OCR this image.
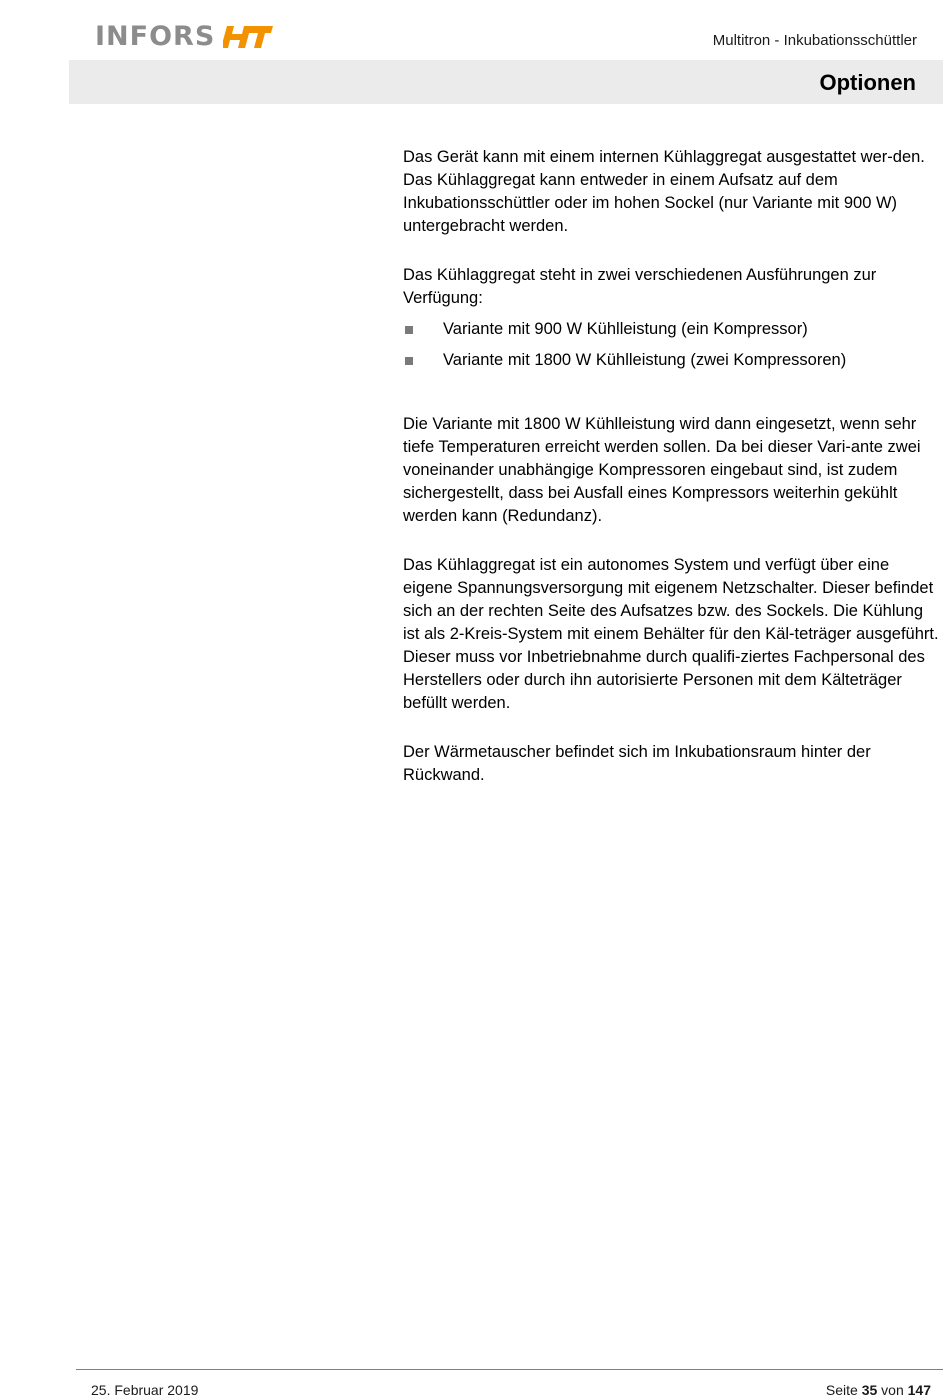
INFORS	Multitron - Inkubationsschüttler
Optionen

Das Gerät kann mit einem internen Kühlaggregat ausgestattet wer-den. Das Kühlaggregat kann entweder in einem Aufsatz auf dem Inkubationsschüttler oder im hohen Sockel (nur Variante mit 900 W) untergebracht werden.

Das Kühlaggregat steht in zwei verschiedenen Ausführungen zur Verfügung:

Variante mit 900 W Kühlleistung (ein Kompressor)
Variante mit 1800 W Kühlleistung (zwei Kompressoren)

Die Variante mit 1800 W Kühlleistung wird dann eingesetzt, wenn sehr tiefe Temperaturen erreicht werden sollen. Da bei dieser Vari-ante zwei voneinander unabhängige Kompressoren eingebaut sind, ist zudem sichergestellt, dass bei Ausfall eines Kompressors weiterhin gekühlt werden kann (Redundanz).

Das Kühlaggregat ist ein autonomes System und verfügt über eine eigene Spannungsversorgung mit eigenem Netzschalter. Dieser befindet sich an der rechten Seite des Aufsatzes bzw. des Sockels. Die Kühlung ist als 2-Kreis-System mit einem Behälter für den Käl-teträger ausgeführt. Dieser muss vor Inbetriebnahme durch qualifi-ziertes Fachpersonal des Herstellers oder durch ihn autorisierte Personen mit dem Kälteträger befüllt werden.

Der Wärmetauscher befindet sich im Inkubationsraum hinter der Rückwand.

25. Februar 2019	Seite 35 von 147
